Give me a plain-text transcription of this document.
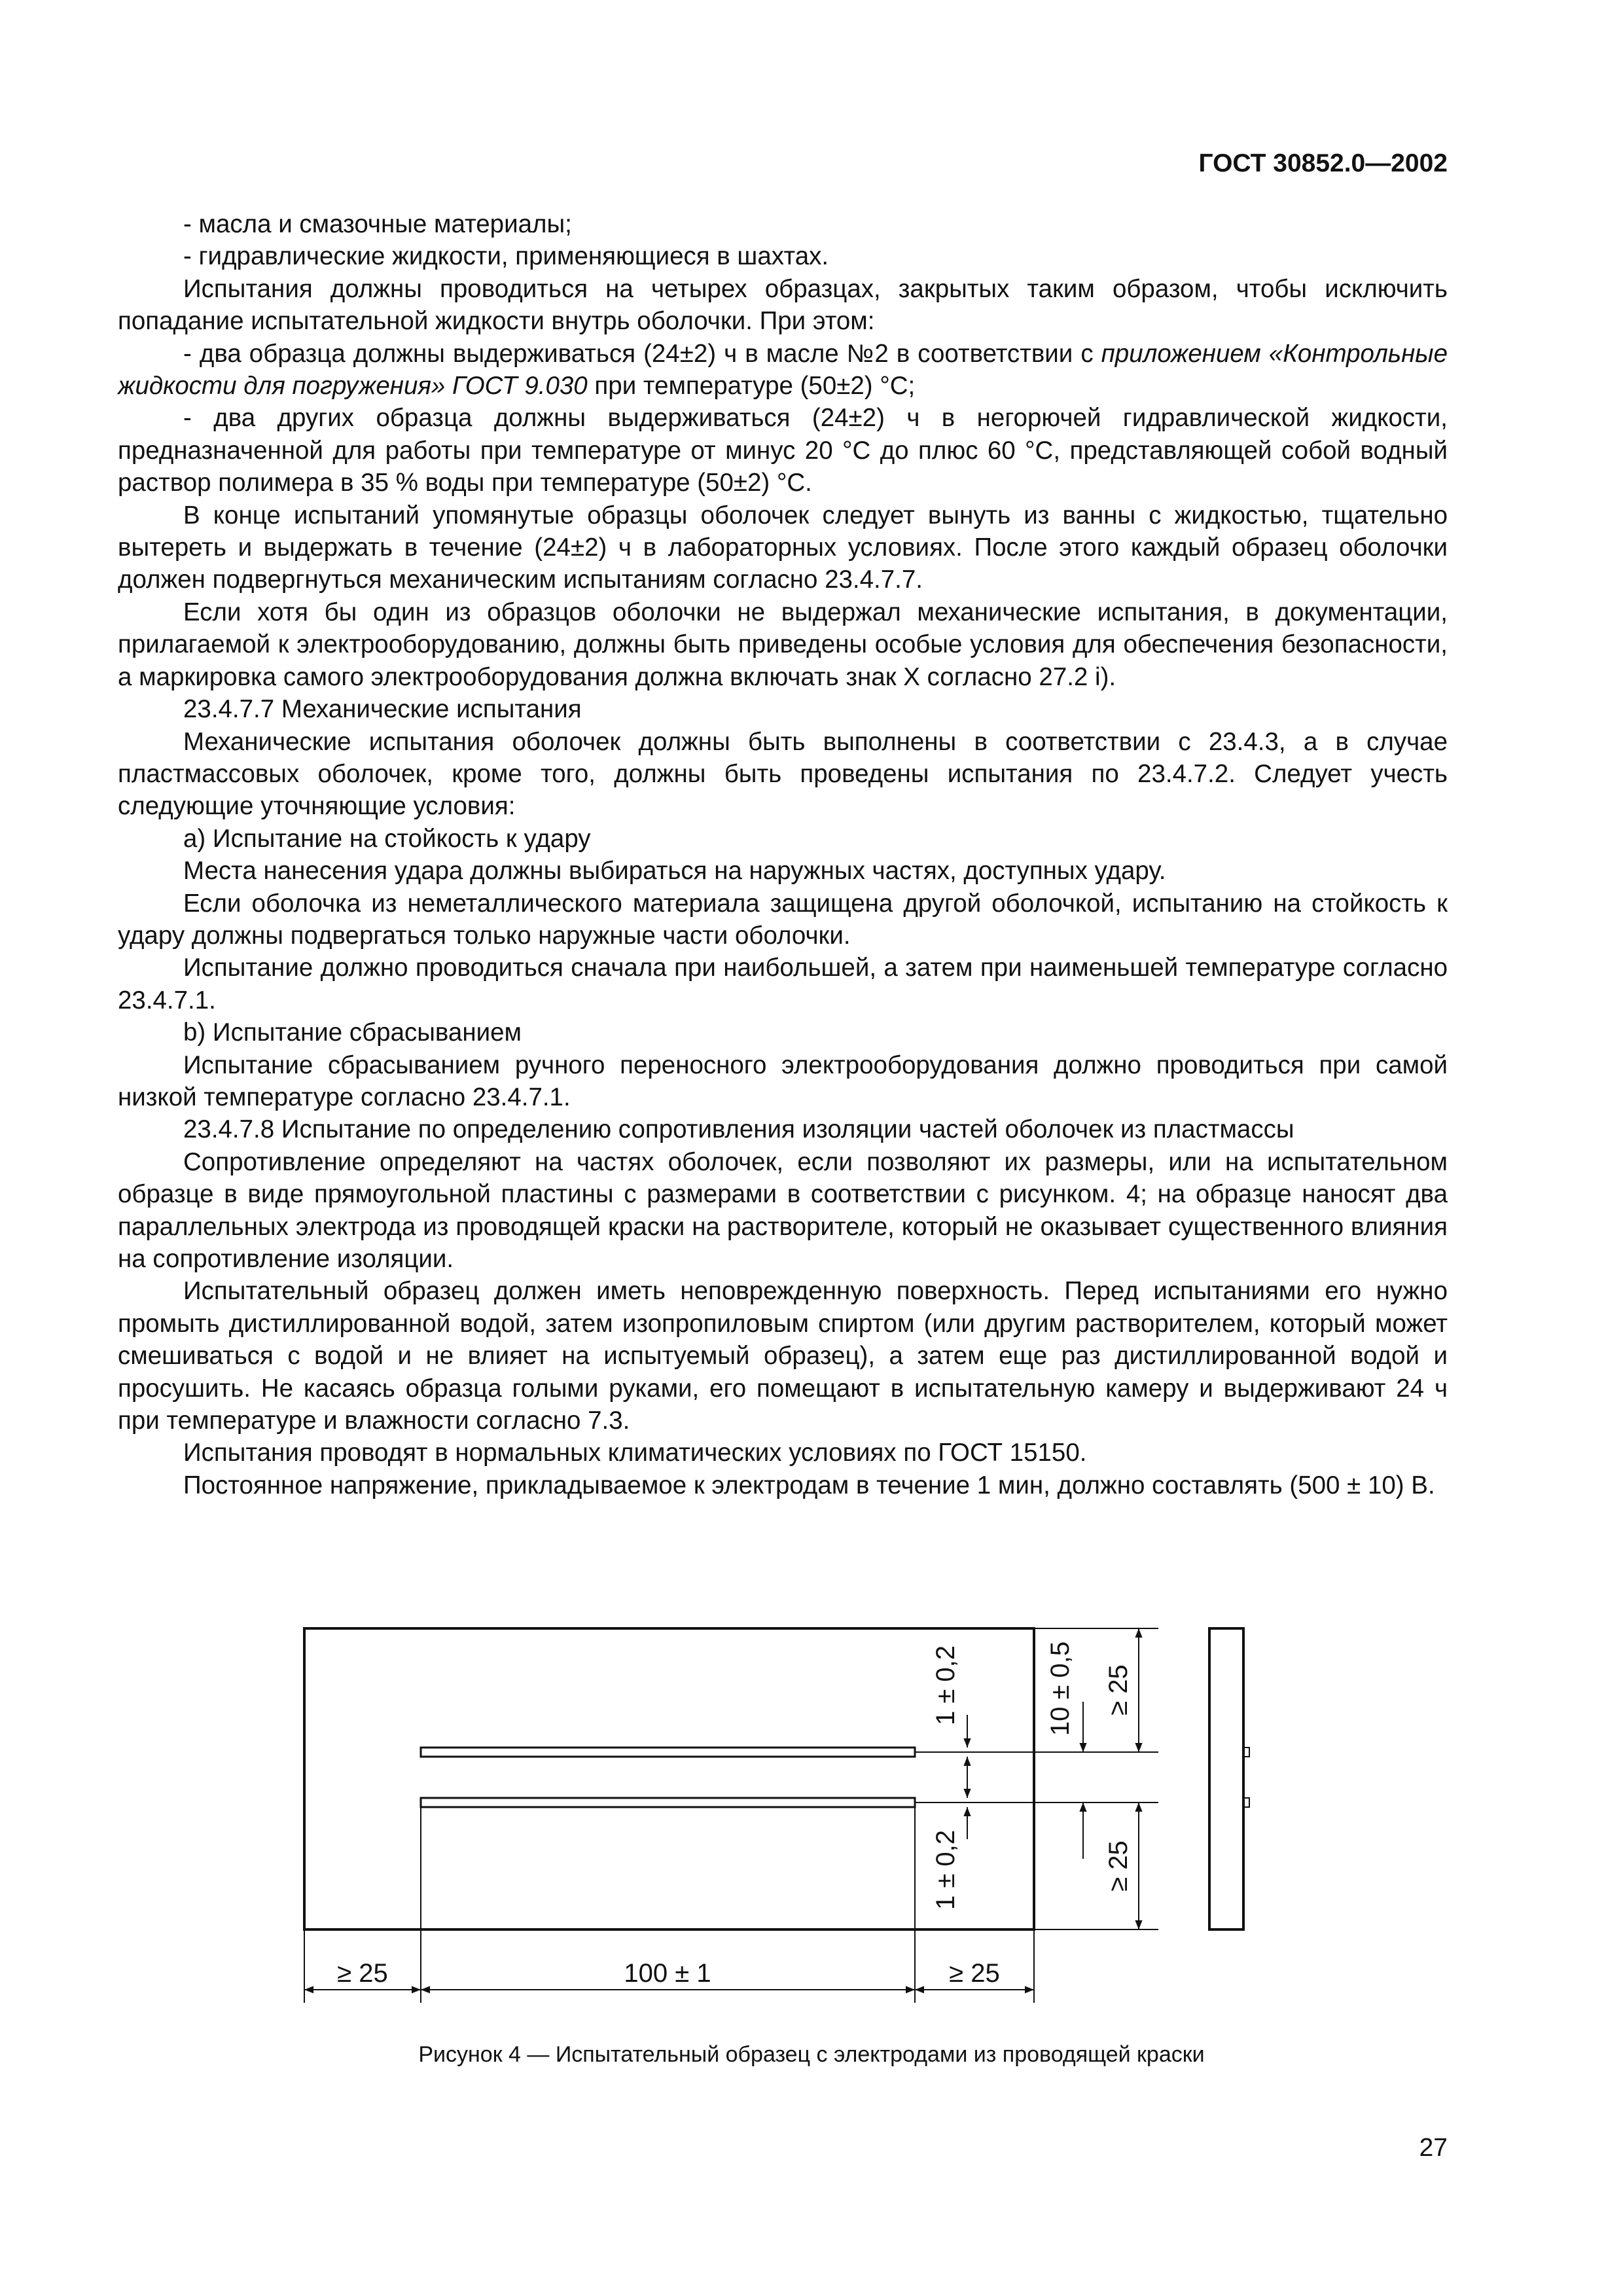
ГОСТ 30852.0—2002

- масла и смазочные материалы;

- гидравлические жидкости, применяющиеся в шахтах.

Испытания должны проводиться на четырех образцах, закрытых таким образом, чтобы исключить попадание испытательной жидкости внутрь оболочки. При этом:

- два образца должны выдерживаться (24±2) ч в масле №2 в соответствии с приложением «Контрольные жидкости для погружения» ГОСТ 9.030 при температуре (50±2) °С;

- два других образца должны выдерживаться (24±2) ч в негорючей гидравлической жидкости, предназначенной для работы при температуре от минус 20 °С до плюс 60 °С, представляющей собой водный раствор полимера в 35 % воды при температуре (50±2) °С.

В конце испытаний упомянутые образцы оболочек следует вынуть из ванны с жидкостью, тщательно вытереть и выдержать в течение (24±2) ч в лабораторных условиях. После этого каждый образец оболочки должен подвергнуться механическим испытаниям согласно 23.4.7.7.

Если хотя бы один из образцов оболочки не выдержал механические испытания, в документации, прилагаемой к электрооборудованию, должны быть приведены особые условия для обеспечения безопасности, а маркировка самого электрооборудования должна включать знак X согласно 27.2 i).

23.4.7.7 Механические испытания

Механические испытания оболочек должны быть выполнены в соответствии с 23.4.3, а в случае пластмассовых оболочек, кроме того, должны быть проведены испытания по 23.4.7.2. Следует учесть следующие уточняющие условия:

а) Испытание на стойкость к удару

Места нанесения удара должны выбираться на наружных частях, доступных удару.

Если оболочка из неметаллического материала защищена другой оболочкой, испытанию на стойкость к удару должны подвергаться только наружные части оболочки.

Испытание должно проводиться сначала при наибольшей, а затем при наименьшей температуре согласно 23.4.7.1.

b) Испытание сбрасыванием

Испытание сбрасыванием ручного переносного электрооборудования должно проводиться при самой низкой температуре согласно 23.4.7.1.

23.4.7.8 Испытание по определению сопротивления изоляции частей оболочек из пластмассы

Сопротивление определяют на частях оболочек, если позволяют их размеры, или на испытательном образце в виде прямоугольной пластины с размерами в соответствии с рисунком. 4; на образце наносят два параллельных электрода из проводящей краски на растворителе, который не оказывает существенного влияния на сопротивление изоляции.

Испытательный образец должен иметь неповрежденную поверхность. Перед испытаниями его нужно промыть дистиллированной водой, затем изопропиловым спиртом (или другим растворителем, который может смешиваться с водой и не влияет на испытуемый образец), а затем еще раз дистиллированной водой и просушить. Не касаясь образца голыми руками, его помещают в испытательную камеру и выдерживают 24 ч при температуре и влажности согласно 7.3.

Испытания проводят в нормальных климатических условиях по ГОСТ 15150.

Постоянное напряжение, прикладываемое к электродам в течение 1 мин, должно составлять (500 ± 10) В.

1 ± 0,2
1 ± 0,2
10 ± 0,5 ≥ 25
≥ 25
≥ 25	100 ± 1	≥ 25
Рисунок 4 — Испытательный образец с электродами из проводящей краски
27
